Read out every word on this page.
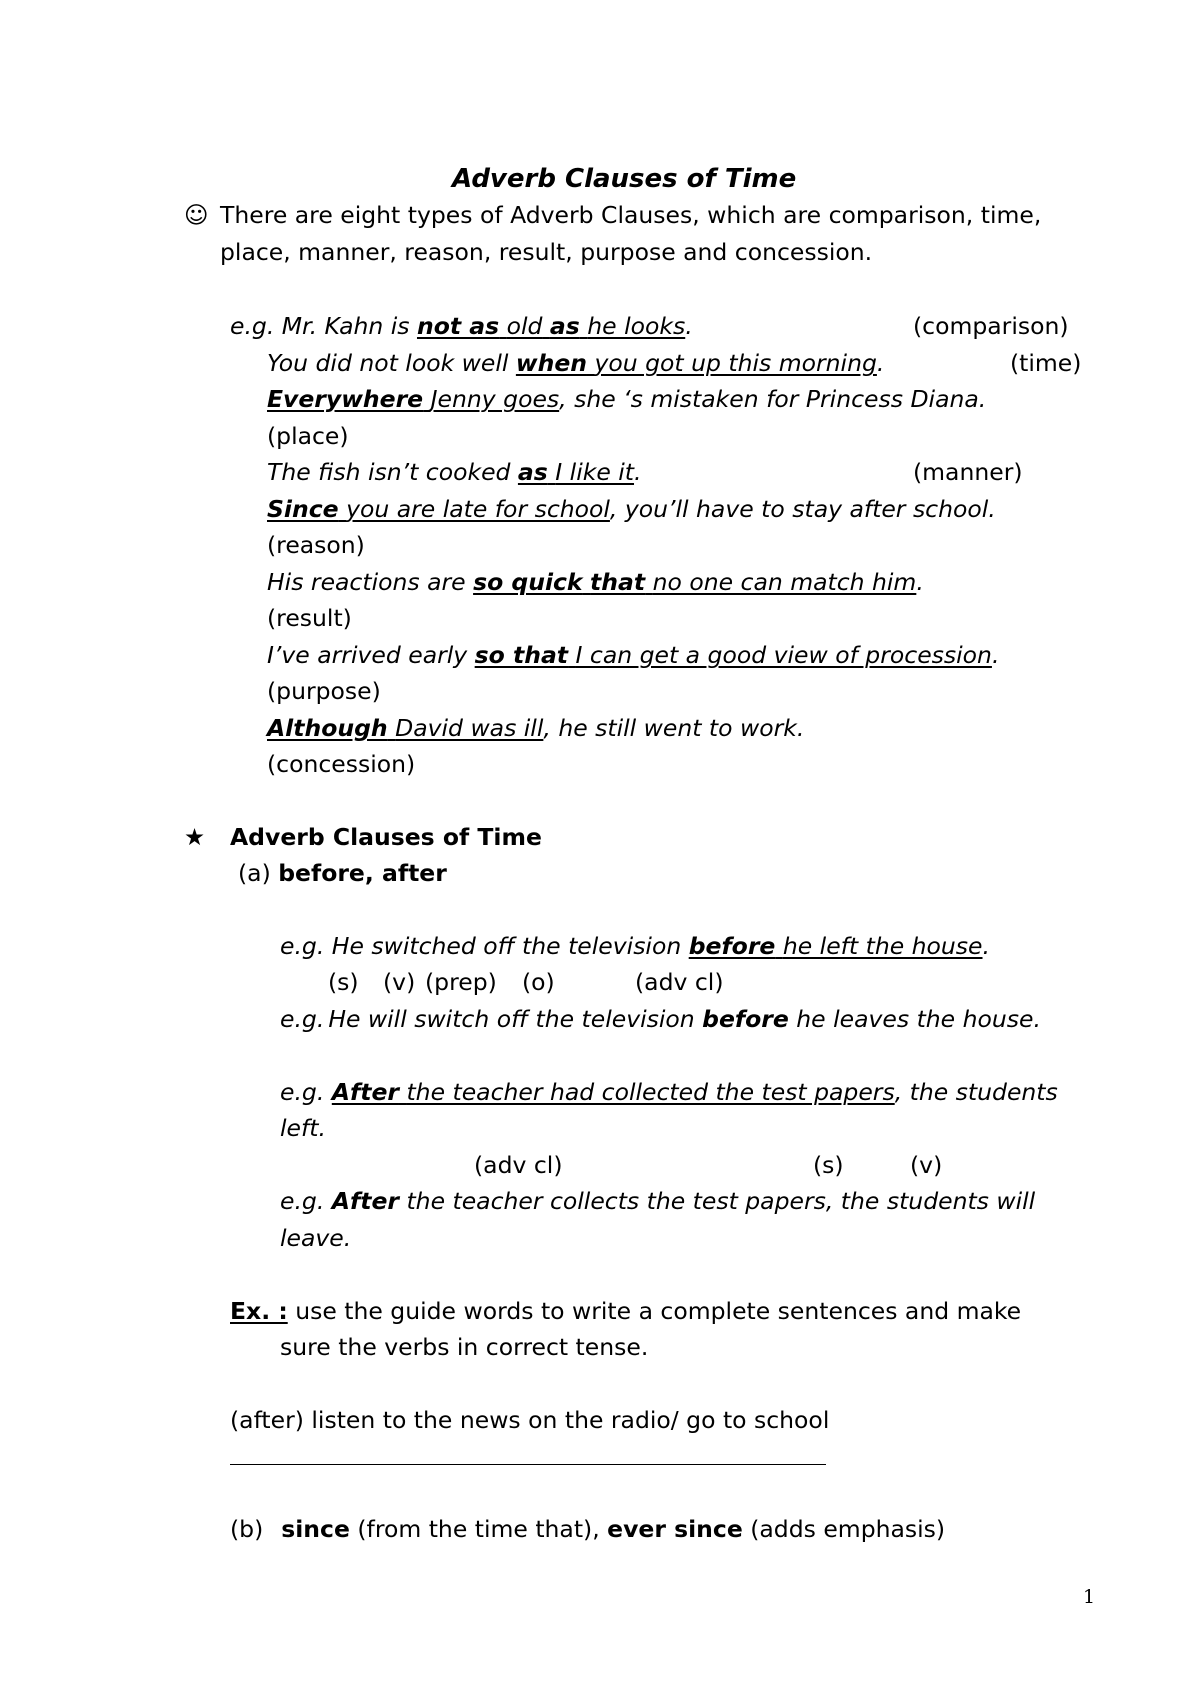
Adverb Clauses of Time
☺ There are eight types of Adverb Clauses, which are comparison, time,
place, manner, reason, result, purpose and concession.
e.g. Mr. Kahn is not as old as he looks.	(comparison)
You did not look well when you got up this morning.	(time)
Everywhere Jenny goes, she ‘s mistaken for Princess Diana.
(place)
The fish isn’t cooked as I like it.	(manner)
Since you are late for school, you’ll have to stay after school.
(reason)
His reactions are so quick that no one can match him.
(result)
I’ve arrived early so that I can get a good view of procession.
(purpose)
Although David was ill, he still went to work.
(concession)
★ Adverb Clauses of Time
(a) before, after
e.g. He switched off the television before he left the house.
(s) (v) (prep) (o)	(adv cl)
e.g. He will switch off the television before he leaves the house.
e.g. After the teacher had collected the test papers, the students
left.
(adv cl)	(s)	(v)
e.g. After the teacher collects the test papers, the students will
leave.
Ex. : use the guide words to write a complete sentences and make
sure the verbs in correct tense.
(after) listen to the news on the radio/ go to school
(b) since (from the time that), ever since (adds emphasis)
1
